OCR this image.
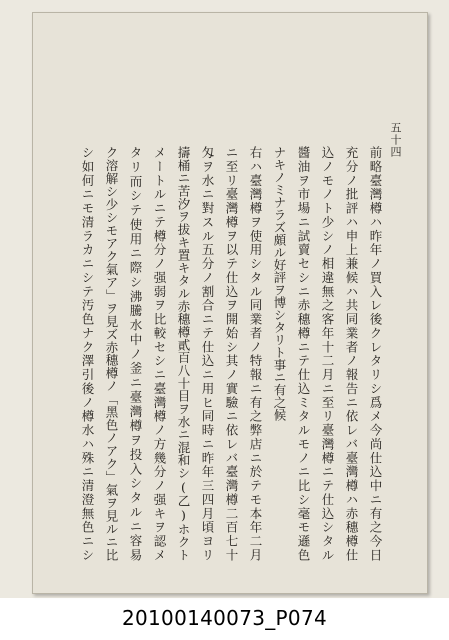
五十四
前略臺灣樽ハ昨年ノ買入レ後クレタリシ爲メ今尚仕込中ニ有之今日
充分ノ批評ハ申上兼候ハ共同業者ノ報告ニ依レバ臺灣樽ハ赤穗樽仕
込ノモノト少シノ相違無之客年十二月ニ至リ臺灣樽ニテ仕込シタル
醬油ヲ市場ニ試賣セシニ赤穗樽ニテ仕込ミタルモノニ比シ毫モ遜色
ナキノミナラズ頗ル好評ヲ博シタリト事ニ有之候
右ハ臺灣樽ヲ使用シタル同業者ノ特報ニ有之弊店ニ於テモ本年二月
ニ至リ臺灣樽ヲ以テ仕込ヲ開始シ其ノ實驗ニ依レバ臺灣樽二百七十
匁ヲ水ニ對スル五分ノ割合ニテ仕込ニ用ヒ同時ニ昨年三四月頃ヨリ
擣桶ニ苦汐ヲ拔キ置キタル赤穗樽貳百八十目ヲ水ニ混和シ(乙)ホクト
メートルニテ樽分ノ强弱ヲ比較セシニ臺灣樽ノ方幾分ノ强キヲ認メ
タリ而シテ使用ニ際シ沸騰水中ノ釜ニ臺灣樽ヲ投入シタルニ容易
ク溶解シ少シモアク氣ア」ヲ見ズ赤穗樽ノ「黑色ノアク」氣ヲ見ルニ比
シ如何ニモ清ラカニシテ汚色ナク澤引後ノ樽水ハ殊ニ清澄無色ニシ
20100140073_P074
